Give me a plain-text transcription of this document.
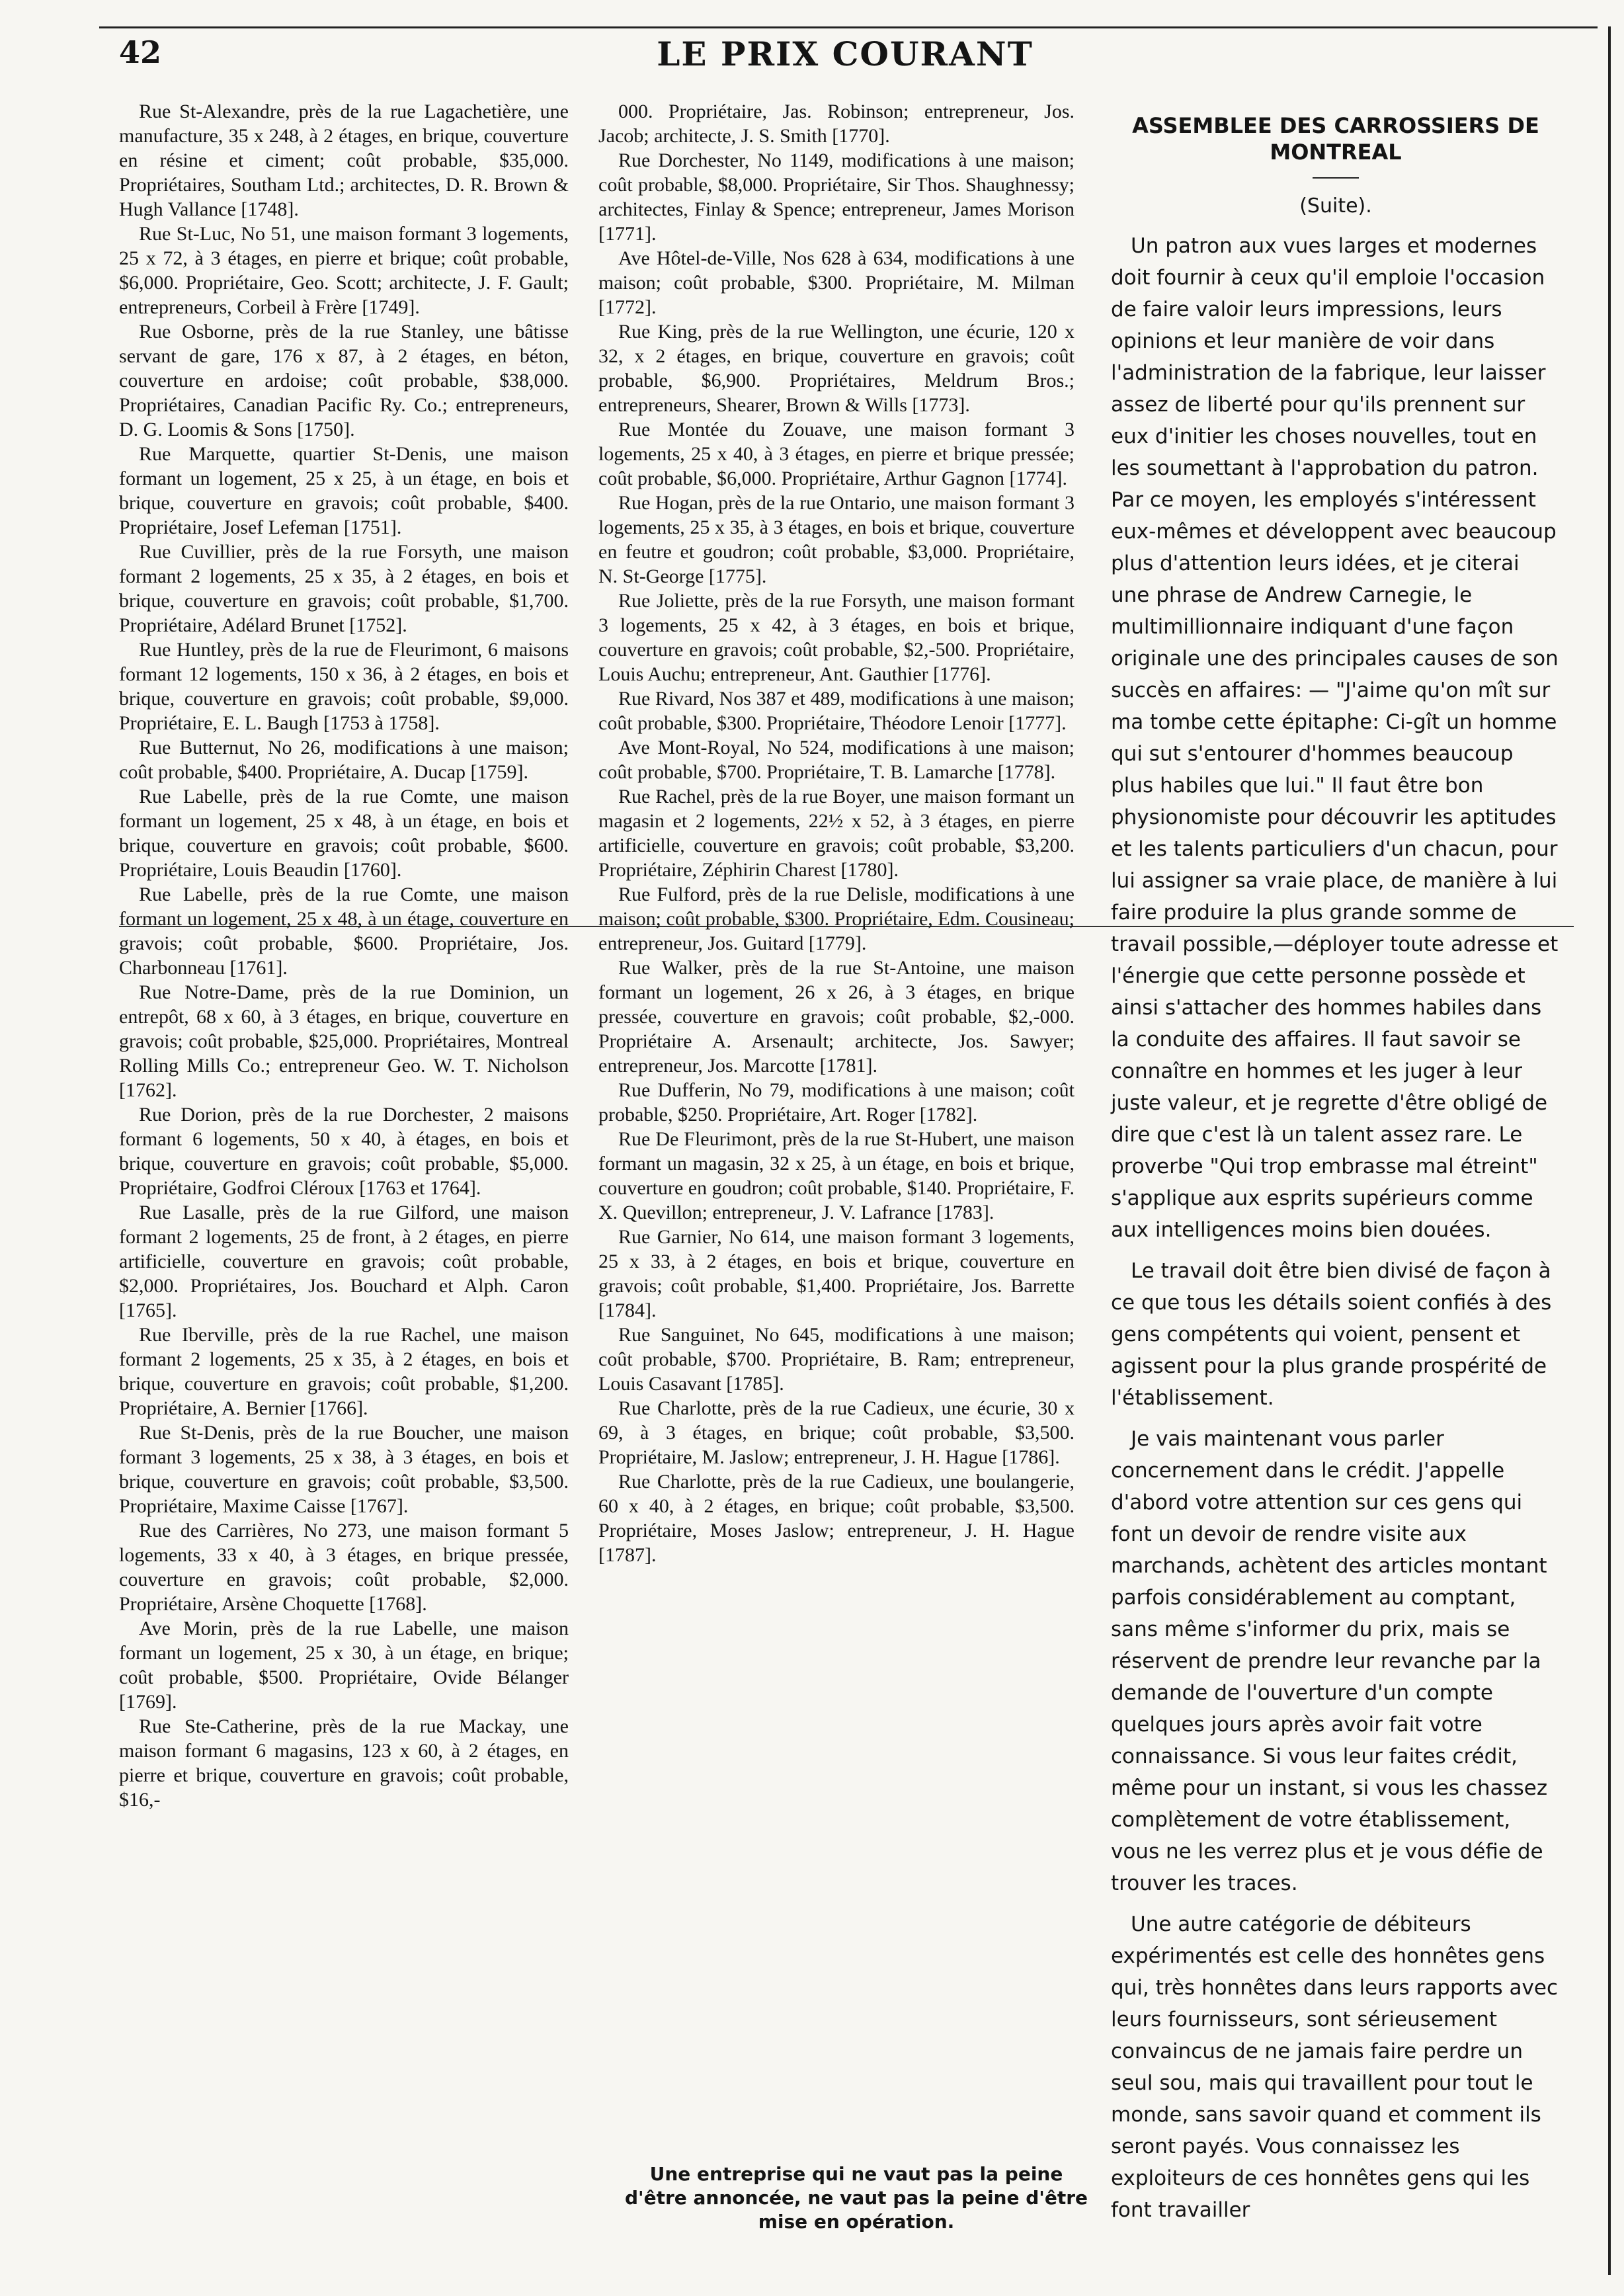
42	LE PRIX COURANT

Rue St-Alexandre, près de la rue Lagachetière, une manufacture, 35 x 248, à 2 étages, en brique, couverture en résine et ciment; coût probable, $35,000. Propriétaires, Southam Ltd.; architectes, D. R. Brown & Hugh Vallance [1748].

Rue St-Luc, No 51, une maison formant 3 logements, 25 x 72, à 3 étages, en pierre et brique; coût probable, $6,000. Propriétaire, Geo. Scott; architecte, J. F. Gault; entrepreneurs, Corbeil à Frère [1749].

Rue Osborne, près de la rue Stanley, une bâtisse servant de gare, 176 x 87, à 2 étages, en béton, couverture en ardoise; coût probable, $38,000. Propriétaires, Canadian Pacific Ry. Co.; entrepreneurs, D. G. Loomis & Sons [1750].

Rue Marquette, quartier St-Denis, une maison formant un logement, 25 x 25, à un étage, en bois et brique, couverture en gravois; coût probable, $400. Propriétaire, Josef Lefeman [1751].

Rue Cuvillier, près de la rue Forsyth, une maison formant 2 logements, 25 x 35, à 2 étages, en bois et brique, couverture en gravois; coût probable, $1,700. Propriétaire, Adélard Brunet [1752].

Rue Huntley, près de la rue de Fleurimont, 6 maisons formant 12 logements, 150 x 36, à 2 étages, en bois et brique, couverture en gravois; coût probable, $9,000. Propriétaire, E. L. Baugh [1753 à 1758].

Rue Butternut, No 26, modifications à une maison; coût probable, $400. Propriétaire, A. Ducap [1759].

Rue Labelle, près de la rue Comte, une maison formant un logement, 25 x 48, à un étage, en bois et brique, couverture en gravois; coût probable, $600. Propriétaire, Louis Beaudin [1760].

Rue Labelle, près de la rue Comte, une maison formant un logement, 25 x 48, à un étage, couverture en gravois; coût probable, $600. Propriétaire, Jos. Charbonneau [1761].

Rue Notre-Dame, près de la rue Dominion, un entrepôt, 68 x 60, à 3 étages, en brique, couverture en gravois; coût probable, $25,000. Propriétaires, Montreal Rolling Mills Co.; entrepreneur Geo. W. T. Nicholson [1762].

Rue Dorion, près de la rue Dorchester, 2 maisons formant 6 logements, 50 x 40, à étages, en bois et brique, couverture en gravois; coût probable, $5,000. Propriétaire, Godfroi Cléroux [1763 et 1764].

Rue Lasalle, près de la rue Gilford, une maison formant 2 logements, 25 de front, à 2 étages, en pierre artificielle, couverture en gravois; coût probable, $2,000. Propriétaires, Jos. Bouchard et Alph. Caron [1765].

Rue Iberville, près de la rue Rachel, une maison formant 2 logements, 25 x 35, à 2 étages, en bois et brique, couverture en gravois; coût probable, $1,200. Propriétaire, A. Bernier [1766].

Rue St-Denis, près de la rue Boucher, une maison formant 3 logements, 25 x 38, à 3 étages, en bois et brique, couverture en gravois; coût probable, $3,500. Propriétaire, Maxime Caisse [1767].

Rue des Carrières, No 273, une maison formant 5 logements, 33 x 40, à 3 étages, en brique pressée, couverture en gravois; coût probable, $2,000. Propriétaire, Arsène Choquette [1768].

Ave Morin, près de la rue Labelle, une maison formant un logement, 25 x 30, à un étage, en brique; coût probable, $500. Propriétaire, Ovide Bélanger [1769].

Rue Ste-Catherine, près de la rue Mackay, une maison formant 6 magasins, 123 x 60, à 2 étages, en pierre et brique, couverture en gravois; coût probable, $16,-

000. Propriétaire, Jas. Robinson; entrepreneur, Jos. Jacob; architecte, J. S. Smith [1770].

Rue Dorchester, No 1149, modifications à une maison; coût probable, $8,000. Propriétaire, Sir Thos. Shaughnessy; architectes, Finlay & Spence; entrepreneur, James Morison [1771].

Ave Hôtel-de-Ville, Nos 628 à 634, modifications à une maison; coût probable, $300. Propriétaire, M. Milman [1772].

Rue King, près de la rue Wellington, une écurie, 120 x 32, x 2 étages, en brique, couverture en gravois; coût probable, $6,900. Propriétaires, Meldrum Bros.; entrepreneurs, Shearer, Brown & Wills [1773].

Rue Montée du Zouave, une maison formant 3 logements, 25 x 40, à 3 étages, en pierre et brique pressée; coût probable, $6,000. Propriétaire, Arthur Gagnon [1774].

Rue Hogan, près de la rue Ontario, une maison formant 3 logements, 25 x 35, à 3 étages, en bois et brique, couverture en feutre et goudron; coût probable, $3,000. Propriétaire, N. St-George [1775].

Rue Joliette, près de la rue Forsyth, une maison formant 3 logements, 25 x 42, à 3 étages, en bois et brique, couverture en gravois; coût probable, $2,-500. Propriétaire, Louis Auchu; entrepreneur, Ant. Gauthier [1776].

Rue Rivard, Nos 387 et 489, modifications à une maison; coût probable, $300. Propriétaire, Théodore Lenoir [1777].

Ave Mont-Royal, No 524, modifications à une maison; coût probable, $700. Propriétaire, T. B. Lamarche [1778].

Rue Rachel, près de la rue Boyer, une maison formant un magasin et 2 logements, 22½ x 52, à 3 étages, en pierre artificielle, couverture en gravois; coût probable, $3,200. Propriétaire, Zéphirin Charest [1780].

Rue Fulford, près de la rue Delisle, modifications à une maison; coût probable, $300. Propriétaire, Edm. Cousineau; entrepreneur, Jos. Guitard [1779].

Rue Walker, près de la rue St-Antoine, une maison formant un logement, 26 x 26, à 3 étages, en brique pressée, couverture en gravois; coût probable, $2,-000. Propriétaire A. Arsenault; architecte, Jos. Sawyer; entrepreneur, Jos. Marcotte [1781].

Rue Dufferin, No 79, modifications à une maison; coût probable, $250. Propriétaire, Art. Roger [1782].

Rue De Fleurimont, près de la rue St-Hubert, une maison formant un magasin, 32 x 25, à un étage, en bois et brique, couverture en goudron; coût probable, $140. Propriétaire, F. X. Quevillon; entrepreneur, J. V. Lafrance [1783].

Rue Garnier, No 614, une maison formant 3 logements, 25 x 33, à 2 étages, en bois et brique, couverture en gravois; coût probable, $1,400. Propriétaire, Jos. Barrette [1784].

Rue Sanguinet, No 645, modifications à une maison; coût probable, $700. Propriétaire, B. Ram; entrepreneur, Louis Casavant [1785].

Rue Charlotte, près de la rue Cadieux, une écurie, 30 x 69, à 3 étages, en brique; coût probable, $3,500. Propriétaire, M. Jaslow; entrepreneur, J. H. Hague [1786].

Rue Charlotte, près de la rue Cadieux, une boulangerie, 60 x 40, à 2 étages, en brique; coût probable, $3,500. Propriétaire, Moses Jaslow; entrepreneur, J. H. Hague [1787].

Une entreprise qui ne vaut pas la peine d'être annoncée, ne vaut pas la peine d'être mise en opération.
ASSEMBLEE DES CARROSSIERS DE MONTREAL
(Suite).

Un patron aux vues larges et modernes doit fournir à ceux qu'il emploie l'occasion de faire valoir leurs impressions, leurs opinions et leur manière de voir dans l'administration de la fabrique, leur laisser assez de liberté pour qu'ils prennent sur eux d'initier les choses nouvelles, tout en les soumettant à l'approbation du patron. Par ce moyen, les employés s'intéressent eux-mêmes et développent avec beaucoup plus d'attention leurs idées, et je citerai une phrase de Andrew Carnegie, le multimillionnaire indiquant d'une façon originale une des principales causes de son succès en affaires: — "J'aime qu'on mît sur ma tombe cette épitaphe: Ci-gît un homme qui sut s'entourer d'hommes beaucoup plus habiles que lui." Il faut être bon physionomiste pour découvrir les aptitudes et les talents particuliers d'un chacun, pour lui assigner sa vraie place, de manière à lui faire produire la plus grande somme de travail possible,—déployer toute adresse et l'énergie que cette personne possède et ainsi s'attacher des hommes habiles dans la conduite des affaires. Il faut savoir se connaître en hommes et les juger à leur juste valeur, et je regrette d'être obligé de dire que c'est là un talent assez rare. Le proverbe "Qui trop embrasse mal étreint" s'applique aux esprits supérieurs comme aux intelligences moins bien douées.

Le travail doit être bien divisé de façon à ce que tous les détails soient confiés à des gens compétents qui voient, pensent et agissent pour la plus grande prospérité de l'établissement.

Je vais maintenant vous parler concernement dans le crédit. J'appelle d'abord votre attention sur ces gens qui font un devoir de rendre visite aux marchands, achètent des articles montant parfois considérablement au comptant, sans même s'informer du prix, mais se réservent de prendre leur revanche par la demande de l'ouverture d'un compte quelques jours après avoir fait votre connaissance. Si vous leur faites crédit, même pour un instant, si vous les chassez complètement de votre établissement, vous ne les verrez plus et je vous défie de trouver les traces.

Une autre catégorie de débiteurs expérimentés est celle des honnêtes gens qui, très honnêtes dans leurs rapports avec leurs fournisseurs, sont sérieusement convaincus de ne jamais faire perdre un seul sou, mais qui travaillent pour tout le monde, sans savoir quand et comment ils seront payés. Vous connaissez les exploiteurs de ces honnêtes gens qui les font travailler
